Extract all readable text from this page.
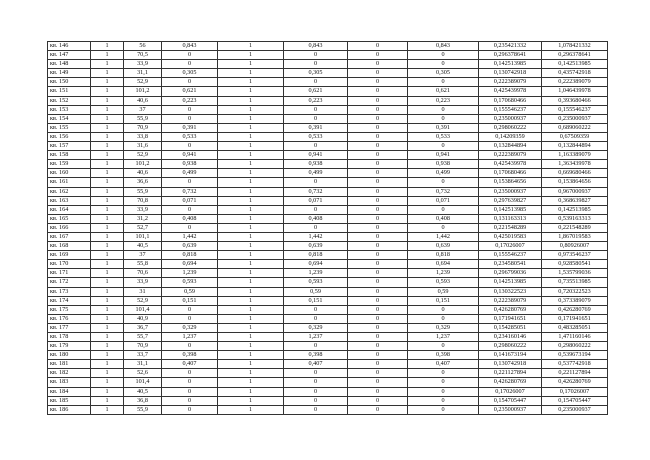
кв. 146	1	56	0,843	1	0,843	0	0,843	0,235421332	1,078421332
кв. 147	1	70,5	0	1	0	0	0	0,296378641	0,296378641
кв. 148	1	33,9	0	1	0	0	0	0,142513985	0,142513985
кв. 149	1	31,1	0,305	1	0,305	0	0,305	0,130742918	0,435742918
кв. 150	1	52,9	0	1	0	0	0	0,222389079	0,222389079
кв. 151	1	101,2	0,621	1	0,621	0	0,621	0,425439978	1,046439978
кв. 152	1	40,6	0,223	1	0,223	0	0,223	0,170680466	0,393680466
кв. 153	1	37	0	1	0	0	0	0,155546237	0,155546237
кв. 154	1	55,9	0	1	0	0	0	0,235000937	0,235000937
кв. 155	1	70,9	0,391	1	0,391	0	0,391	0,298060222	0,689060222
кв. 156	1	33,8	0,533	1	0,533	0	0,533	0,14209359	0,67509359
кв. 157	1	31,6	0	1	0	0	0	0,132844894	0,132844894
кв. 158	1	52,9	0,941	1	0,941	0	0,941	0,222389079	1,163389079
кв. 159	1	101,2	0,938	1	0,938	0	0,938	0,425439978	1,363439978
кв. 160	1	40,6	0,499	1	0,499	0	0,499	0,170680466	0,669680466
кв. 161	1	36,6	0	1	0	0	0	0,153864656	0,153864656
кв. 162	1	55,9	0,732	1	0,732	0	0,732	0,235000937	0,967000937
кв. 163	1	70,8	0,071	1	0,071	0	0,071	0,297639827	0,368639827
кв. 164	1	33,9	0	1	0	0	0	0,142513985	0,142513985
кв. 165	1	31,2	0,408	1	0,408	0	0,408	0,131163313	0,539163313
кв. 166	1	52,7	0	1	0	0	0	0,221548289	0,221548289
кв. 167	1	101,1	1,442	1	1,442	0	1,442	0,425019583	1,867019583
кв. 168	1	40,5	0,639	1	0,639	0	0,639	0,17026007	0,80926007
кв. 169	1	37	0,818	1	0,818	0	0,818	0,155546237	0,973546237
кв. 170	1	55,8	0,694	1	0,694	0	0,694	0,234580541	0,928580541
кв. 171	1	70,6	1,239	1	1,239	0	1,239	0,296799036	1,535799036
кв. 172	1	33,9	0,593	1	0,593	0	0,593	0,142513985	0,735513985
кв. 173	1	31	0,59	1	0,59	0	0,59	0,130322523	0,720322523
кв. 174	1	52,9	0,151	1	0,151	0	0,151	0,222389079	0,373389079
кв. 175	1	101,4	0	1	0	0	0	0,426280769	0,426280769
кв. 176	1	40,9	0	1	0	0	0	0,171941651	0,171941651
кв. 177	1	36,7	0,329	1	0,329	0	0,329	0,154285051	0,483285051
кв. 178	1	55,7	1,237	1	1,237	0	1,237	0,234160146	1,471160146
кв. 179	1	70,9	0	1	0	0	0	0,298060222	0,298060222
кв. 180	1	33,7	0,398	1	0,398	0	0,398	0,141673194	0,539673194
кв. 181	1	31,1	0,407	1	0,407	0	0,407	0,130742918	0,537742918
кв. 182	1	52,6	0	1	0	0	0	0,221127894	0,221127894
кв. 183	1	101,4	0	1	0	0	0	0,426280769	0,426280769
кв. 184	1	40,5	0	1	0	0	0	0,17026007	0,17026007
кв. 185	1	36,8	0	1	0	0	0	0,154705447	0,154705447
кв. 186	1	55,9	0	1	0	0	0	0,235000937	0,235000937
